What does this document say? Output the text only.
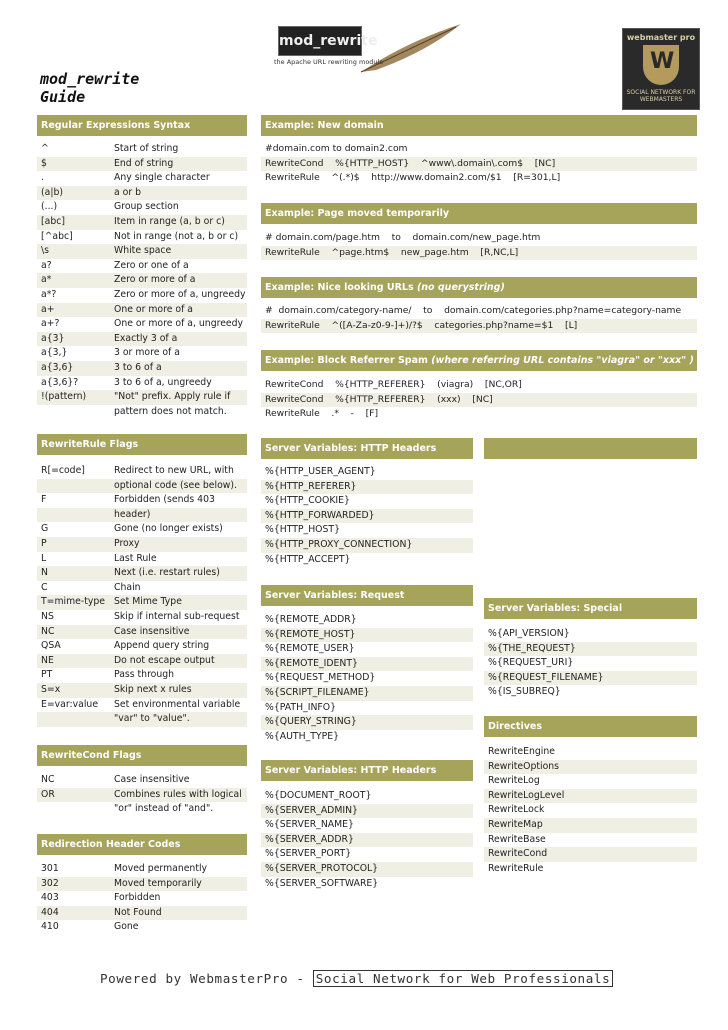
mod_rewrite
Guide
mod_rewrite
the Apache URL rewriting module
webmaster pro
W
SOCIAL NETWORK FOR WEBMASTERS
Regular Expressions Syntax
^	Start of string
$	End of string
.	Any single character
(a|b)	a or b
(...)	Group section
[abc]	Item in range (a, b or c)
[^abc]	Not in range (not a, b or c)
\s	White space
a?	Zero or one of a
a*	Zero or more of a
a*?	Zero or more of a, ungreedy
a+	One or more of a
a+?	One or more of a, ungreedy
a{3}	Exactly 3 of a
a{3,}	3 or more of a
a{3,6}	3 to 6 of a
a{3,6}?	3 to 6 of a, ungreedy
!(pattern)	"Not" prefix. Apply rule if
pattern does not match.
RewriteRule Flags
R[=code]	Redirect to new URL, with
optional code (see below).
F	Forbidden (sends 403
header)
G	Gone (no longer exists)
P	Proxy
L	Last Rule
N	Next (i.e. restart rules)
C	Chain
T=mime-type Set Mime Type
NS	Skip if internal sub-request
NC	Case insensitive
QSA	Append query string
NE	Do not escape output
PT	Pass through
S=x	Skip next x rules
E=var:value Set environmental variable
"var" to "value".
RewriteCond Flags
NC	Case insensitive
OR	Combines rules with logical
"or" instead of "and".
Redirection Header Codes
301	Moved permanently
302	Moved temporarily
403	Forbidden
404	Not Found
410	Gone
Example: New domain
#domain.com to domain2.com
RewriteCond    %{HTTP_HOST}    ^www\.domain\.com$    [NC]
RewriteRule    ^(.*)$    http://www.domain2.com/$1    [R=301,L]
Example: Page moved temporarily
# domain.com/page.htm    to    domain.com/new_page.htm
RewriteRule    ^page.htm$    new_page.htm    [R,NC,L]
Example: Nice looking URLs (no querystring)
#  domain.com/category-name/    to    domain.com/categories.php?name=category-name
RewriteRule    ^([A-Za-z0-9-]+)/?$    categories.php?name=$1    [L]
Example: Block Referrer Spam (where referring URL contains "viagra" or "xxx" )
RewriteCond    %{HTTP_REFERER}    (viagra)    [NC,OR]
RewriteCond    %{HTTP_REFERER}    (xxx)    [NC]
RewriteRule    .*    -    [F]
Server Variables: HTTP Headers
%{HTTP_USER_AGENT}
%{HTTP_REFERER}
%{HTTP_COOKIE}
%{HTTP_FORWARDED}
%{HTTP_HOST}
%{HTTP_PROXY_CONNECTION}
%{HTTP_ACCEPT}
Server Variables: Request
%{REMOTE_ADDR}
%{REMOTE_HOST}
%{REMOTE_USER}
%{REMOTE_IDENT}
%{REQUEST_METHOD}
%{SCRIPT_FILENAME}
%{PATH_INFO}
%{QUERY_STRING}
%{AUTH_TYPE}
Server Variables: HTTP Headers
%{DOCUMENT_ROOT}
%{SERVER_ADMIN}
%{SERVER_NAME}
%{SERVER_ADDR}
%{SERVER_PORT}
%{SERVER_PROTOCOL}
%{SERVER_SOFTWARE}
Server Variables: Special
%{API_VERSION}
%{THE_REQUEST}
%{REQUEST_URI}
%{REQUEST_FILENAME}
%{IS_SUBREQ}
Directives
RewriteEngine
RewriteOptions
RewriteLog
RewriteLogLevel
RewriteLock
RewriteMap
RewriteBase
RewriteCond
RewriteRule
Powered by WebmasterPro - Social Network for Web Professionals
